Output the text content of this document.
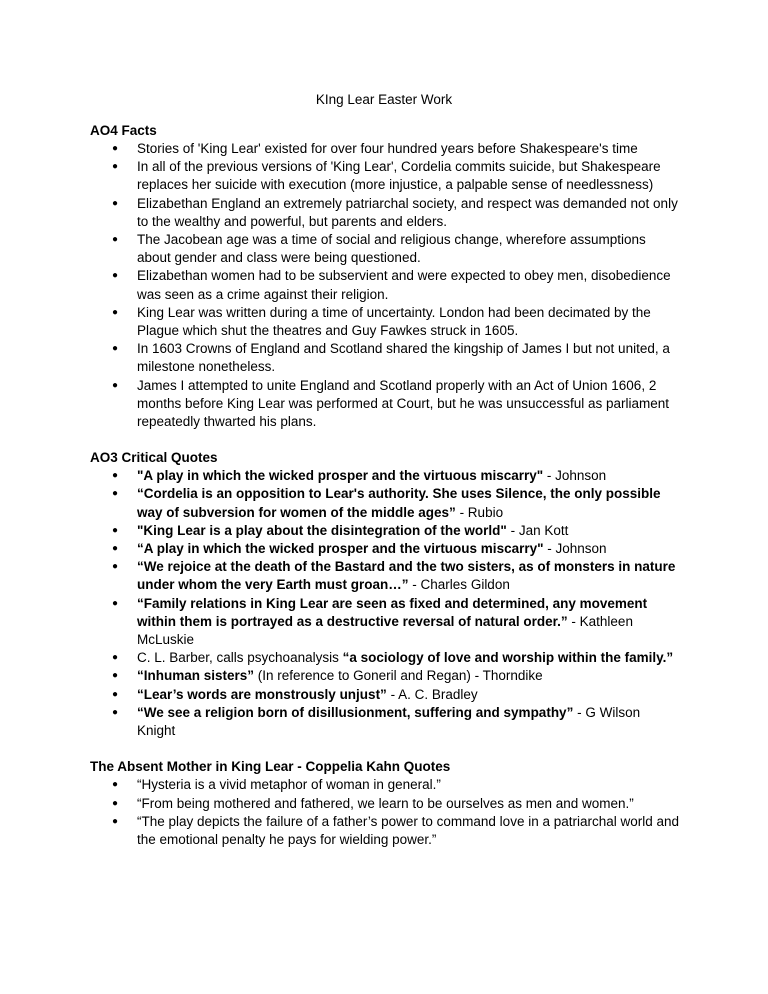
KIng Lear Easter Work
AO4 Facts
● Stories of 'King Lear' existed for over four hundred years before Shakespeare's time
● In all of the previous versions of 'King Lear', Cordelia commits suicide, but Shakespeare replaces her suicide with execution (more injustice, a palpable sense of needlessness)
● Elizabethan England an extremely patriarchal society, and respect was demanded not only to the wealthy and powerful, but parents and elders.
● The Jacobean age was a time of social and religious change, wherefore assumptions about gender and class were being questioned.
● Elizabethan women had to be subservient and were expected to obey men, disobedience was seen as a crime against their religion.
● King Lear was written during a time of uncertainty. London had been decimated by the Plague which shut the theatres and Guy Fawkes struck in 1605.
● In 1603 Crowns of England and Scotland shared the kingship of James I but not united, a milestone nonetheless.
● James I attempted to unite England and Scotland properly with an Act of Union 1606, 2 months before King Lear was performed at Court, but he was unsuccessful as parliament repeatedly thwarted his plans.
AO3 Critical Quotes
● "A play in which the wicked prosper and the virtuous miscarry" - Johnson
● “Cordelia is an opposition to Lear's authority. She uses Silence, the only possible way of subversion for women of the middle ages” - Rubio
● "King Lear is a play about the disintegration of the world" - Jan Kott
● “A play in which the wicked prosper and the virtuous miscarry" - Johnson
● “We rejoice at the death of the Bastard and the two sisters, as of monsters in nature under whom the very Earth must groan…” - Charles Gildon
● “Family relations in King Lear are seen as fixed and determined, any movement within them is portrayed as a destructive reversal of natural order.” - Kathleen McLuskie
● C. L. Barber, calls psychoanalysis “a sociology of love and worship within the family.”
● “Inhuman sisters” (In reference to Goneril and Regan) - Thorndike
● “Lear’s words are monstrously unjust” - A. C. Bradley
● “We see a religion born of disillusionment, suffering and sympathy” - G Wilson Knight
The Absent Mother in King Lear - Coppelia Kahn Quotes
● “Hysteria is a vivid metaphor of woman in general.”
● “From being mothered and fathered, we learn to be ourselves as men and women.”
● “The play depicts the failure of a father’s power to command love in a patriarchal world and the emotional penalty he pays for wielding power.”
